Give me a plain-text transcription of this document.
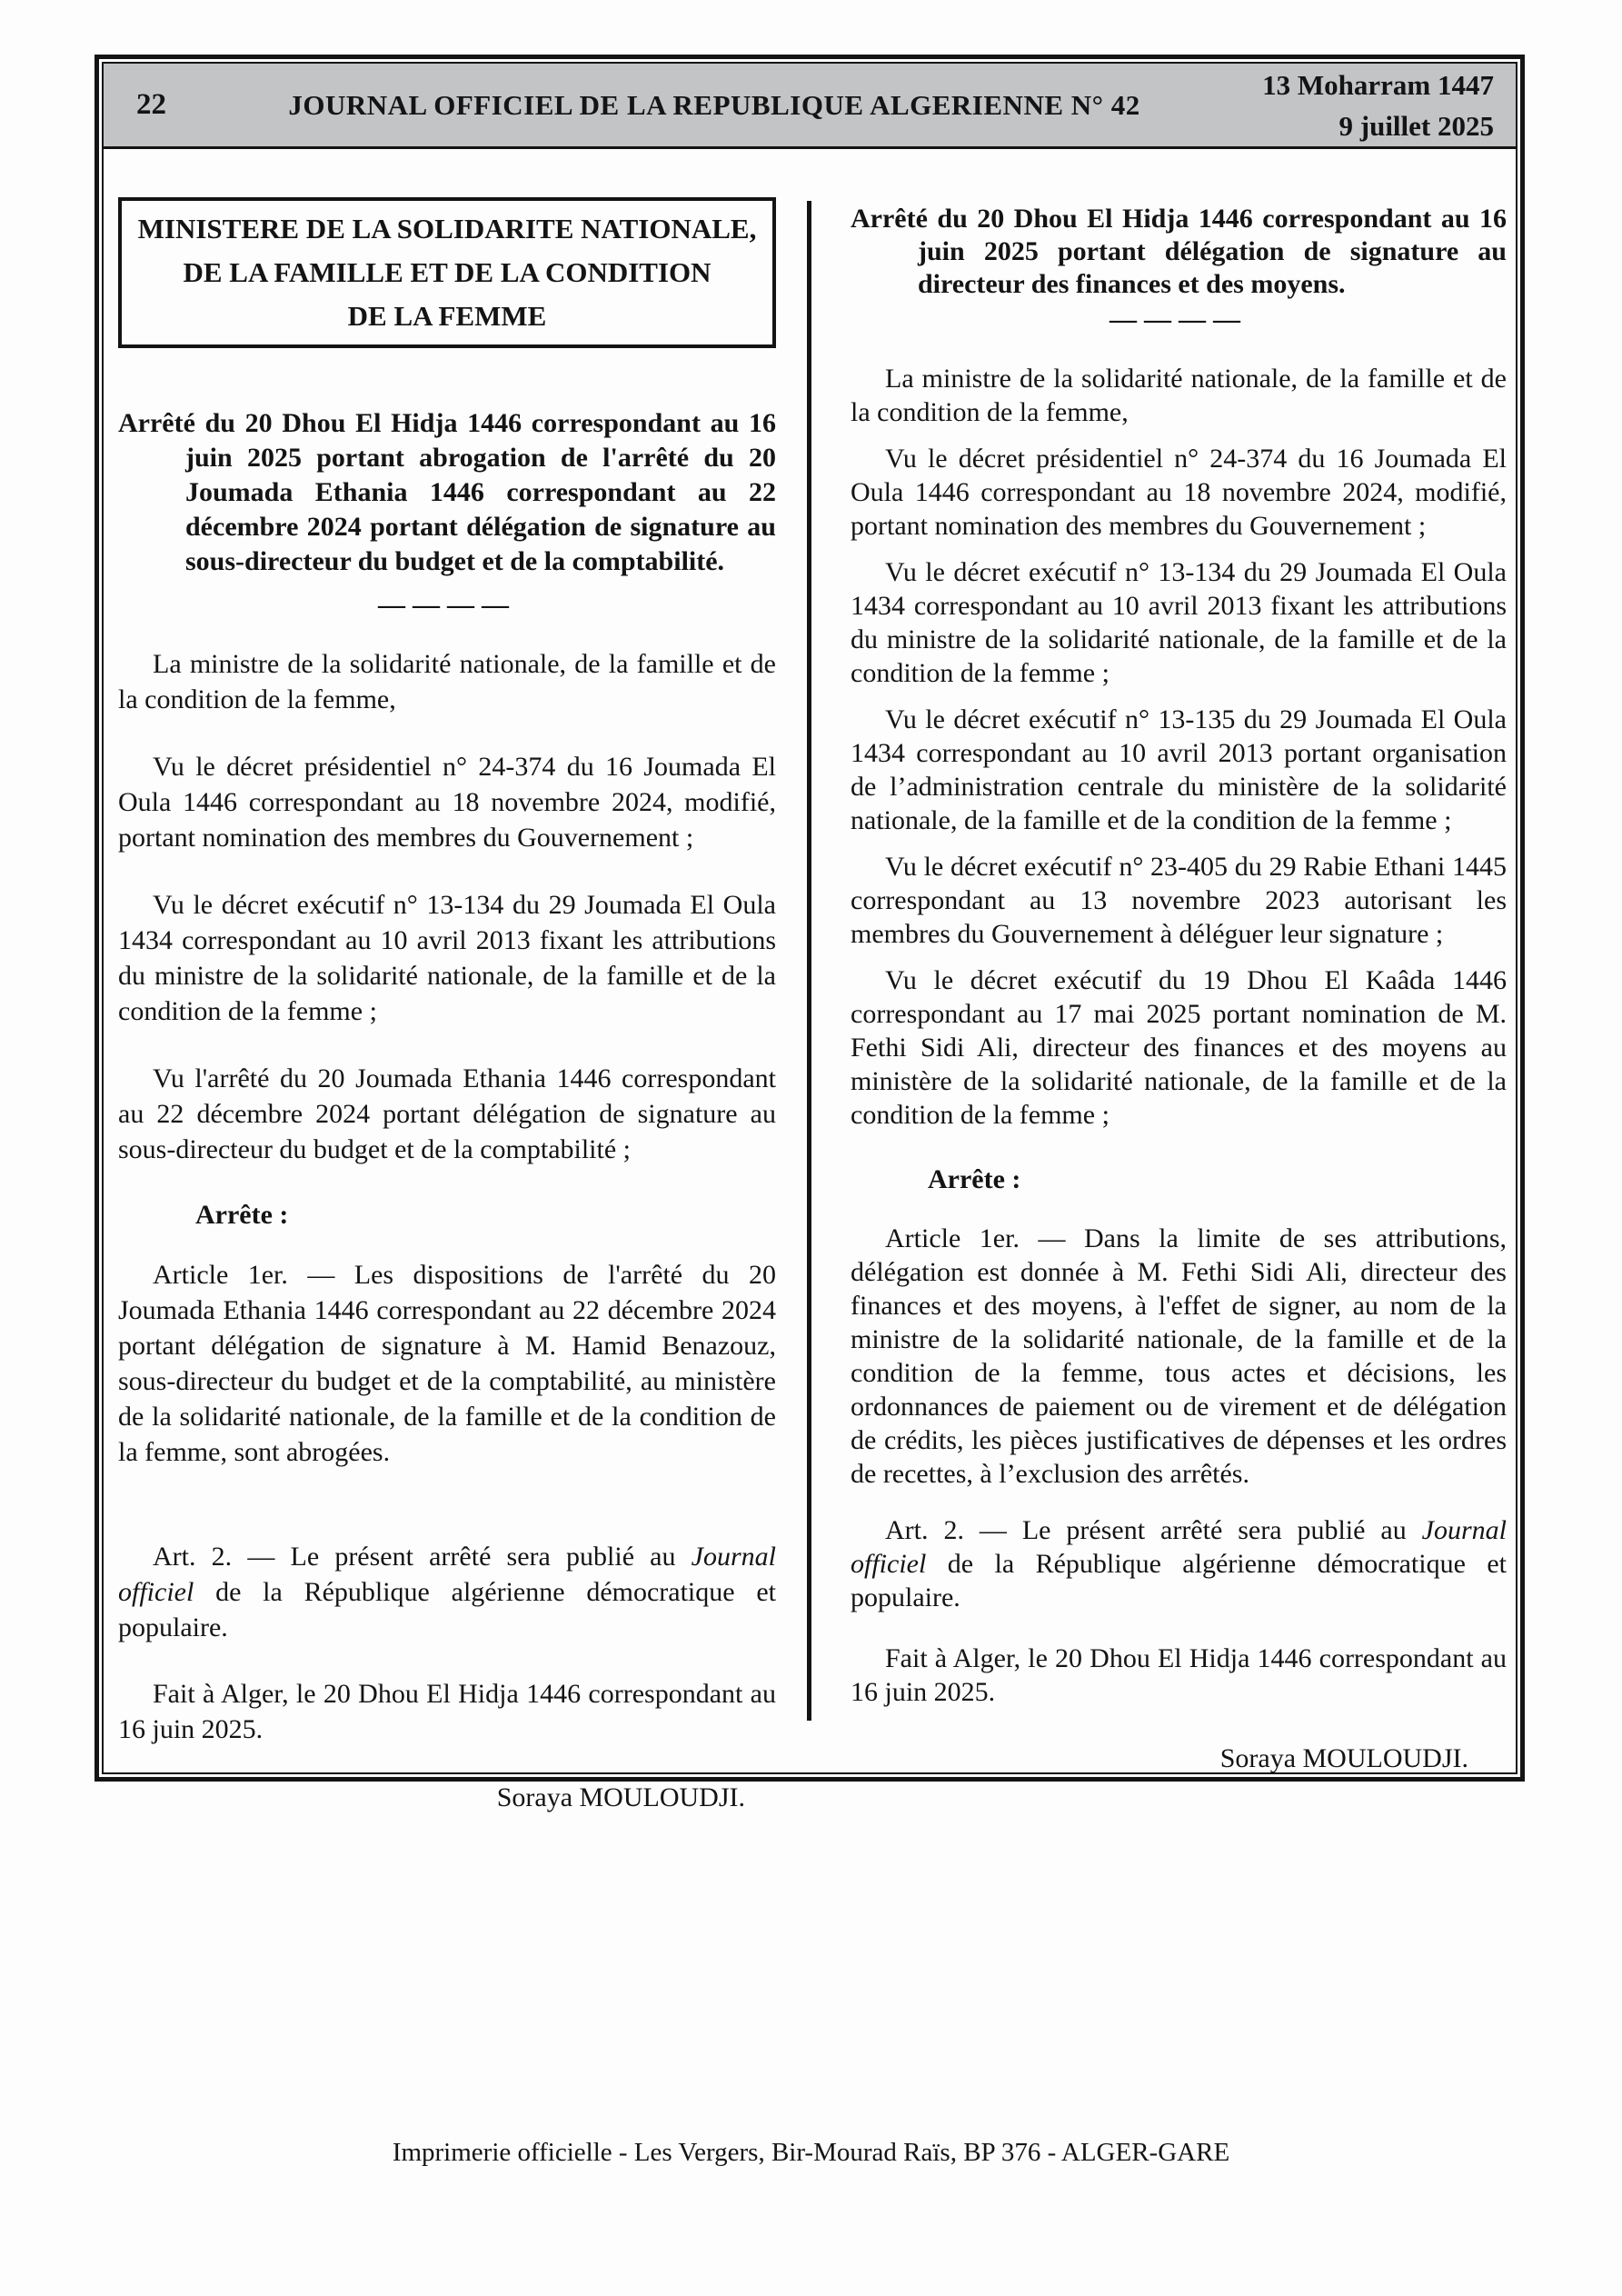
22	JOURNAL OFFICIEL DE LA REPUBLIQUE ALGERIENNE N° 42
13 Moharram 1447
9 juillet 2025
MINISTERE DE LA SOLIDARITE NATIONALE,
DE LA FAMILLE ET DE LA CONDITION
DE LA FEMME

Arrêté du 20 Dhou El Hidja 1446 correspondant au 16 juin 2025 portant abrogation de l'arrêté du 20 Joumada Ethania 1446 correspondant au 22 décembre 2024 portant délégation de signature au sous-directeur du budget et de la comptabilité.

————

La ministre de la solidarité nationale, de la famille et de la condition de la femme,

Vu le décret présidentiel n° 24-374 du 16 Joumada El Oula 1446 correspondant au 18 novembre 2024, modifié, portant nomination des membres du Gouvernement ;

Vu le décret exécutif n° 13-134 du 29 Joumada El Oula 1434 correspondant au 10 avril 2013 fixant les attributions du ministre de la solidarité nationale, de la famille et de la condition de la femme ;

Vu l'arrêté du 20 Joumada Ethania 1446 correspondant au 22 décembre 2024 portant délégation de signature au sous-directeur du budget et de la comptabilité ;

Arrête :

Article 1er. — Les dispositions de l'arrêté du 20 Joumada Ethania 1446 correspondant au 22 décembre 2024 portant délégation de signature à M. Hamid Benazouz, sous-directeur du budget et de la comptabilité, au ministère de la solidarité nationale, de la famille et de la condition de la femme, sont abrogées.

Art. 2. — Le présent arrêté sera publié au Journal officiel de la République algérienne démocratique et populaire.

Fait à Alger, le 20 Dhou El Hidja 1446 correspondant au 16 juin 2025.

Soraya MOULOUDJI.

Arrêté du 20 Dhou El Hidja 1446 correspondant au 16 juin 2025 portant délégation de signature au directeur des finances et des moyens.

————

La ministre de la solidarité nationale, de la famille et de la condition de la femme,

Vu le décret présidentiel n° 24-374 du 16 Joumada El Oula 1446 correspondant au 18 novembre 2024, modifié, portant nomination des membres du Gouvernement ;

Vu le décret exécutif n° 13-134 du 29 Joumada El Oula 1434 correspondant au 10 avril 2013 fixant les attributions du ministre de la solidarité nationale, de la famille et de la condition de la femme ;

Vu le décret exécutif n° 13-135 du 29 Joumada El Oula 1434 correspondant au 10 avril 2013 portant organisation de l’administration centrale du ministère de la solidarité nationale, de la famille et de la condition de la femme ;

Vu le décret exécutif n° 23-405 du 29 Rabie Ethani 1445 correspondant au 13 novembre 2023 autorisant les membres du Gouvernement à déléguer leur signature ;

Vu le décret exécutif du 19 Dhou El Kaâda 1446 correspondant au 17 mai 2025 portant nomination de M. Fethi Sidi Ali, directeur des finances et des moyens au ministère de la solidarité nationale, de la famille et de la condition de la femme ;

Arrête :

Article 1er. — Dans la limite de ses attributions, délégation est donnée à M. Fethi Sidi Ali, directeur des finances et des moyens, à l'effet de signer, au nom de la ministre de la solidarité nationale, de la famille et de la condition de la femme, tous actes et décisions, les ordonnances de paiement ou de virement et de délégation de crédits, les pièces justificatives de dépenses et les ordres de recettes, à l’exclusion des arrêtés.

Art. 2. — Le présent arrêté sera publié au Journal officiel de la République algérienne démocratique et populaire.

Fait à Alger, le 20 Dhou El Hidja 1446 correspondant au 16 juin 2025.

Soraya MOULOUDJI.

Imprimerie officielle - Les Vergers, Bir-Mourad Raïs, BP 376 - ALGER-GARE
